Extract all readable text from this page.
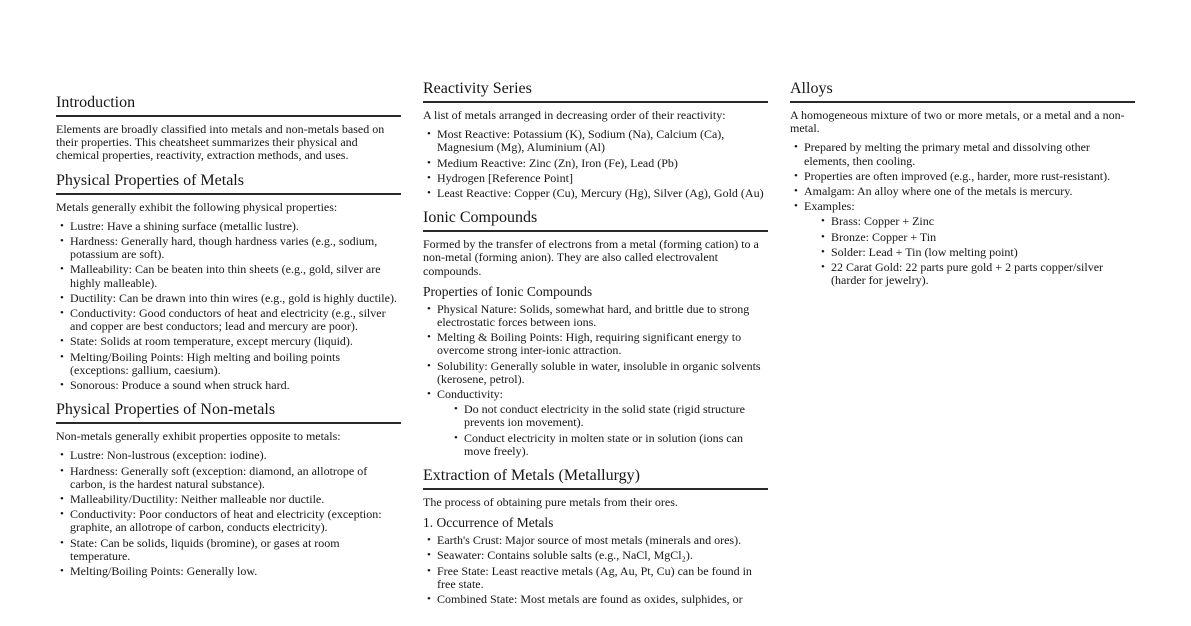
Introduction
Elements are broadly classified into metals and non-metals based on their properties. This cheatsheet summarizes their physical and chemical properties, reactivity, extraction methods, and uses.
Physical Properties of Metals
Metals generally exhibit the following physical properties:
• Lustre: Have a shining surface (metallic lustre).
• Hardness: Generally hard, though hardness varies (e.g., sodium, potassium are soft).
• Malleability: Can be beaten into thin sheets (e.g., gold, silver are highly malleable).
• Ductility: Can be drawn into thin wires (e.g., gold is highly ductile).
• Conductivity: Good conductors of heat and electricity (e.g., silver and copper are best conductors; lead and mercury are poor).
• State: Solids at room temperature, except mercury (liquid).
• Melting/Boiling Points: High melting and boiling points (exceptions: gallium, caesium).
• Sonorous: Produce a sound when struck hard.
Physical Properties of Non-metals
Non-metals generally exhibit properties opposite to metals:
• Lustre: Non-lustrous (exception: iodine).
• Hardness: Generally soft (exception: diamond, an allotrope of carbon, is the hardest natural substance).
• Malleability/Ductility: Neither malleable nor ductile.
• Conductivity: Poor conductors of heat and electricity (exception: graphite, an allotrope of carbon, conducts electricity).
• State: Can be solids, liquids (bromine), or gases at room temperature.
• Melting/Boiling Points: Generally low.
Reactivity Series
A list of metals arranged in decreasing order of their reactivity:
• Most Reactive: Potassium (K), Sodium (Na), Calcium (Ca), Magnesium (Mg), Aluminium (Al)
• Medium Reactive: Zinc (Zn), Iron (Fe), Lead (Pb)
• Hydrogen [Reference Point]
• Least Reactive: Copper (Cu), Mercury (Hg), Silver (Ag), Gold (Au)
Ionic Compounds
Formed by the transfer of electrons from a metal (forming cation) to a non-metal (forming anion). They are also called electrovalent compounds.
Properties of Ionic Compounds
• Physical Nature: Solids, somewhat hard, and brittle due to strong electrostatic forces between ions.
• Melting & Boiling Points: High, requiring significant energy to overcome strong inter-ionic attraction.
• Solubility: Generally soluble in water, insoluble in organic solvents (kerosene, petrol).
• Conductivity:
• Do not conduct electricity in the solid state (rigid structure prevents ion movement).
• Conduct electricity in molten state or in solution (ions can move freely).
Extraction of Metals (Metallurgy)
The process of obtaining pure metals from their ores.
1. Occurrence of Metals
• Earth's Crust: Major source of most metals (minerals and ores).
• Seawater: Contains soluble salts (e.g., NaCl, MgCl₂).
• Free State: Least reactive metals (Ag, Au, Pt, Cu) can be found in free state.
• Combined State: Most metals are found as oxides, sulphides, or
Alloys
A homogeneous mixture of two or more metals, or a metal and a non-metal.
• Prepared by melting the primary metal and dissolving other elements, then cooling.
• Properties are often improved (e.g., harder, more rust-resistant).
• Amalgam: An alloy where one of the metals is mercury.
• Examples:
• Brass: Copper + Zinc
• Bronze: Copper + Tin
• Solder: Lead + Tin (low melting point)
• 22 Carat Gold: 22 parts pure gold + 2 parts copper/silver (harder for jewelry).
